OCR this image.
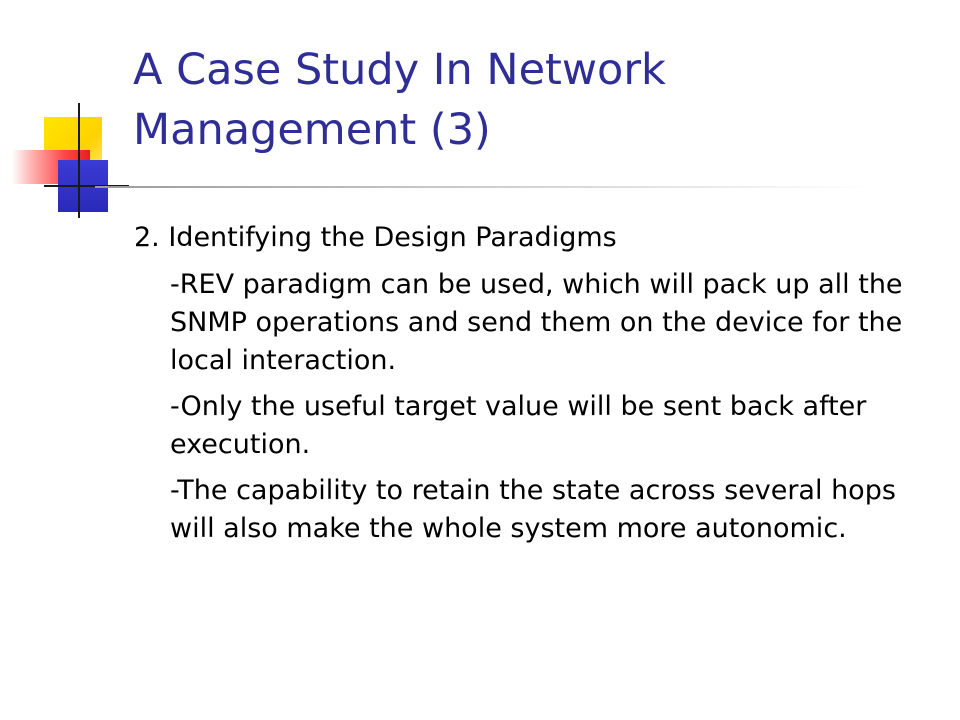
A Case Study In Network
Management (3)

2. Identifying the Design Paradigms

-REV paradigm can be used, which will pack up all the SNMP operations and send them on the device for the local interaction.

-Only the useful target value will be sent back after execution.

-The capability to retain the state across several hops will also make the whole system more autonomic.
